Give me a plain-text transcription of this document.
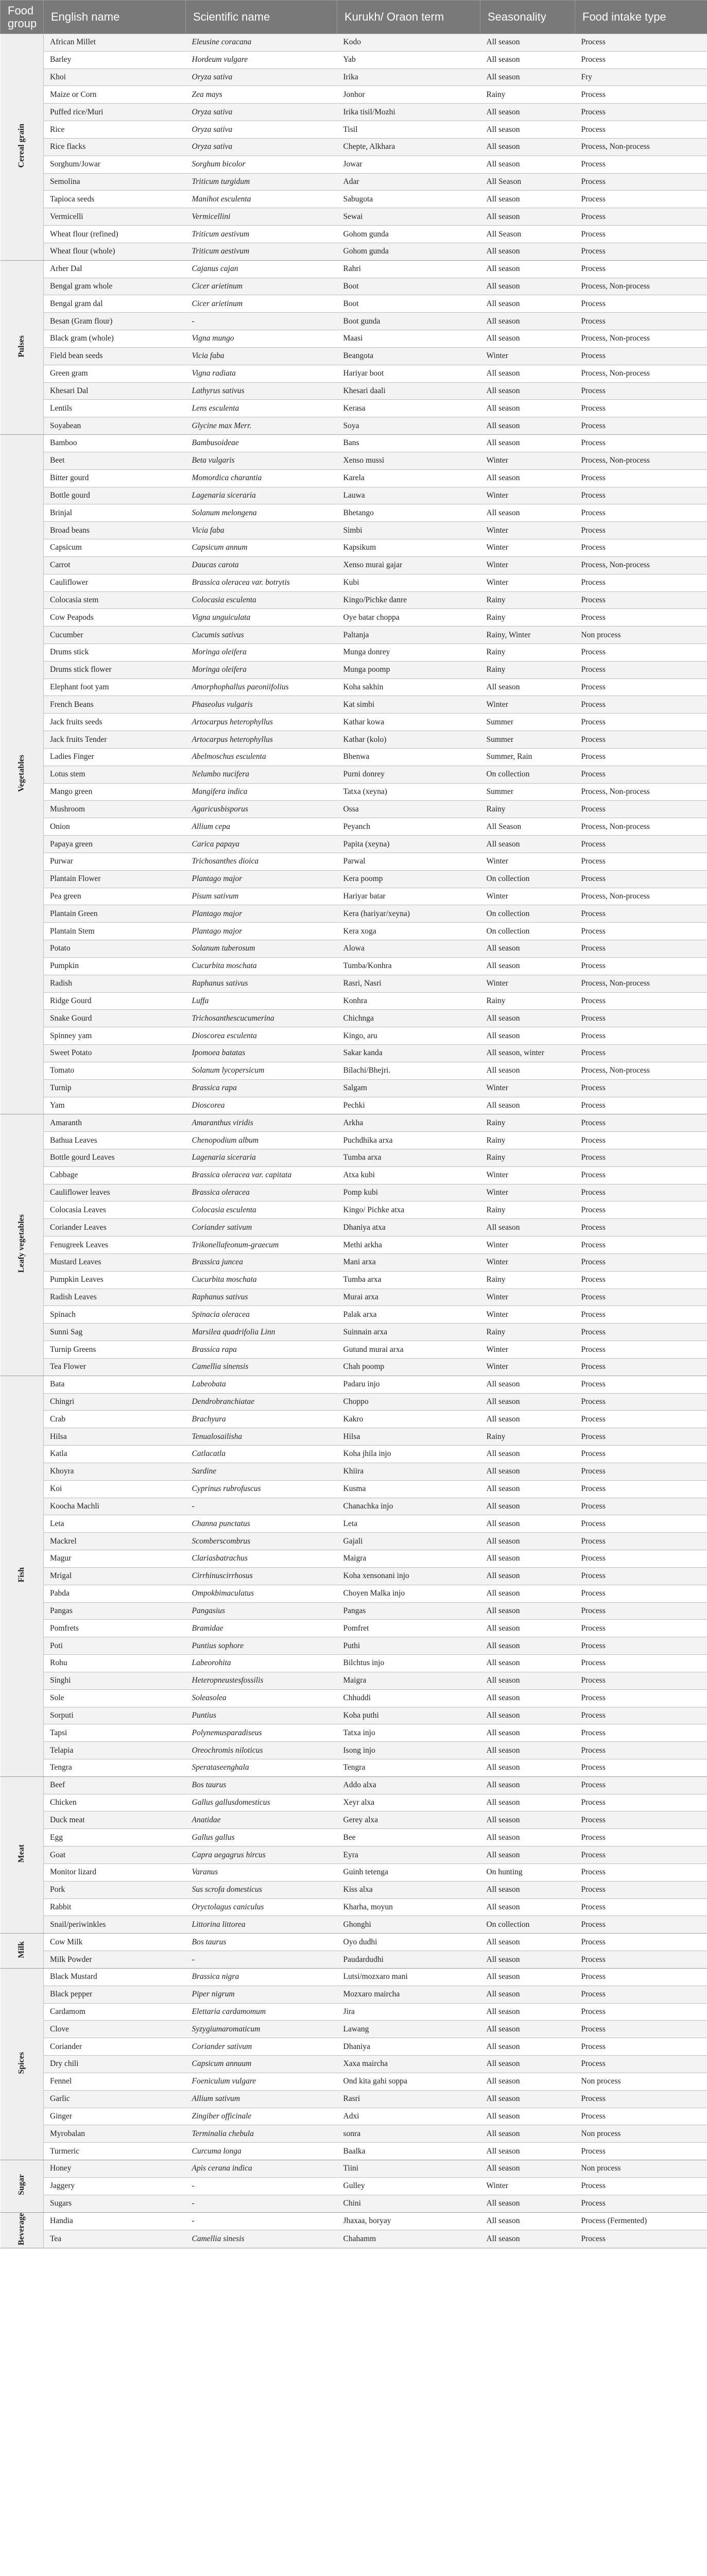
Food group	English name	Scientific name	Kurukh/ Oraon term	Seasonality	Food intake type
Cereal grain	African Millet	Eleusine coracana	Kodo	All season	Process
	Barley	Hordeum vulgare	Yab	All season	Process
	Khoi	Oryza sativa	Irika	All season	Fry
	Maize or Corn	Zea mays	Jonhor	Rainy	Process
	Puffed rice/Muri	Oryza sativa	Irika tisil/Mozhi	All season	Process
	Rice	Oryza sativa	Tisil	All season	Process
	Rice flacks	Oryza sativa	Chepte, Alkhara	All season	Process, Non-process
	Sorghum/Jowar	Sorghum bicolor	Jowar	All season	Process
	Semolina	Triticum turgidum	Adar	All Season	Process
	Tapioca seeds	Manihot esculenta	Sabugota	All season	Process
	Vermicelli	Vermicellini	Sewai	All season	Process
	Wheat flour (refined)	Triticum aestivum	Gohom gunda	All Season	Process
	Wheat flour (whole)	Triticum aestivum	Gohom gunda	All season	Process
Pulses	Arher Dal	Cajanus cajan	Rahri	All season	Process
	Bengal gram whole	Cicer arietinum	Boot	All season	Process, Non-process
	Bengal gram dal	Cicer arietinum	Boot	All season	Process
	Besan (Gram flour)	-	Boot gunda	All season	Process
	Black gram (whole)	Vigna mungo	Maasi	All season	Process, Non-process
	Field bean seeds	Vicia faba	Beangota	Winter	Process
	Green gram	Vigna radiata	Hariyar boot	All season	Process, Non-process
	Khesari Dal	Lathyrus sativus	Khesari daali	All season	Process
	Lentils	Lens esculenta	Kerasa	All season	Process
	Soyabean	Glycine max Merr.	Soya	All season	Process
Vegetables	Bamboo	Bambusoideae	Bans	All season	Process
	Beet	Beta vulgaris	Xenso mussi	Winter	Process, Non-process
	Bitter gourd	Momordica charantia	Karela	All season	Process
	Bottle gourd	Lagenaria siceraria	Lauwa	Winter	Process
	Brinjal	Solanum melongena	Bhetango	All season	Process
	Broad beans	Vicia faba	Simbi	Winter	Process
	Capsicum	Capsicum annum	Kapsikum	Winter	Process
	Carrot	Daucas carota	Xenso murai gajar	Winter	Process, Non-process
	Cauliflower	Brassica oleracea var. botrytis	Kubi	Winter	Process
	Colocasia stem	Colocasia esculenta	Kingo/Pichke danre	Rainy	Process
	Cow Peapods	Vigna unguiculata	Oye batar choppa	Rainy	Process
	Cucumber	Cucumis sativus	Paltanja	Rainy, Winter	Non process
	Drums stick	Moringa oleifera	Munga donrey	Rainy	Process
	Drums stick flower	Moringa oleifera	Munga poomp	Rainy	Process
	Elephant foot yam	Amorphophallus paeoniifolius	Koha sakhin	All season	Process
	French Beans	Phaseolus vulgaris	Kat simbi	Winter	Process
	Jack fruits seeds	Artocarpus heterophyllus	Kathar kowa	Summer	Process
	Jack fruits Tender	Artocarpus heterophyllus	Kathar (kolo)	Summer	Process
	Ladies Finger	Abelmoschus esculenta	Bhenwa	Summer, Rain	Process
	Lotus stem	Nelumbo nucifera	Purni donrey	On collection	Process
	Mango green	Mangifera indica	Tatxa (xeyna)	Summer	Process, Non-process
	Mushroom	Agaricusbisporus	Ossa	Rainy	Process
	Onion	Allium cepa	Peyanch	All Season	Process, Non-process
	Papaya green	Carica papaya	Papita (xeyna)	All season	Process
	Purwar	Trichosanthes dioica	Parwal	Winter	Process
	Plantain Flower	Plantago major	Kera poomp	On collection	Process
	Pea green	Pisum sativum	Hariyar batar	Winter	Process, Non-process
	Plantain Green	Plantago major	Kera (hariyar/xeyna)	On collection	Process
	Plantain Stem	Plantago major	Kera xoga	On collection	Process
	Potato	Solanum tuberosum	Alowa	All season	Process
	Pumpkin	Cucurbita moschata	Tumba/Konhra	All season	Process
	Radish	Raphanus sativus	Rasri, Nasri	Winter	Process, Non-process
	Ridge Gourd	Luffa	Konhra	Rainy	Process
	Snake Gourd	Trichosanthescucumerina	Chichnga	All season	Process
	Spinney yam	Dioscorea esculenta	Kingo, aru	All season	Process
	Sweet Potato	Ipomoea batatas	Sakar kanda	All season, winter	Process
	Tomato	Solanum lycopersicum	Bilachi/Bhejri.	All season	Process, Non-process
	Turnip	Brassica rapa	Salgam	Winter	Process
	Yam	Dioscorea	Pechki	All season	Process
Leafy vegetables	Amaranth	Amaranthus viridis	Arkha	Rainy	Process
	Bathua Leaves	Chenopodium album	Puchdhika arxa	Rainy	Process
	Bottle gourd Leaves	Lagenaria siceraria	Tumba arxa	Rainy	Process
	Cabbage	Brassica oleracea var. capitata	Atxa kubi	Winter	Process
	Cauliflower leaves	Brassica oleracea	Pomp kubi	Winter	Process
	Colocasia Leaves	Colocasia esculenta	Kingo/ Pichke atxa	Rainy	Process
	Coriander Leaves	Coriander sativum	Dhaniya atxa	All season	Process
	Fenugreek Leaves	Trikonellafeonum-graecum	Methi arkha	Winter	Process
	Mustard Leaves	Brassica juncea	Mani arxa	Winter	Process
	Pumpkin Leaves	Cucurbita moschata	Tumba arxa	Rainy	Process
	Radish Leaves	Raphanus sativus	Murai arxa	Winter	Process
	Spinach	Spinacia oleracea	Palak arxa	Winter	Process
	Sunni Sag	Marsilea quadrifolia Linn	Suinnain arxa	Rainy	Process
	Turnip Greens	Brassica rapa	Gutund murai arxa	Winter	Process
	Tea Flower	Camellia sinensis	Chah poomp	Winter	Process
Fish	Bata	Labeobata	Padaru injo	All season	Process
	Chingri	Dendrobranchiatae	Choppo	All season	Process
	Crab	Brachyura	Kakro	All season	Process
	Hilsa	Tenualosailisha	Hilsa	Rainy	Process
	Katla	Catlacatla	Koha jhila injo	All season	Process
	Khoyra	Sardine	Khiira	All season	Process
	Koi	Cyprinus rubrofuscus	Kusma	All season	Process
	Koocha Machli	-	Chanachka injo	All season	Process
	Leta	Channa punctatus	Leta	All season	Process
	Mackrel	Scomberscombrus	Gajali	All season	Process
	Magur	Clariasbatrachus	Maigra	All season	Process
	Mrigal	Cirrhinuscirrhosus	Koha xensonani injo	All season	Process
	Pabda	Ompokbimaculatus	Choyen Malka injo	All season	Process
	Pangas	Pangasius	Pangas	All season	Process
	Pomfrets	Bramidae	Pomfret	All season	Process
	Poti	Puntius sophore	Puthi	All season	Process
	Rohu	Labeorohita	Bilchtus injo	All season	Process
	Singhi	Heteropneustesfossilis	Maigra	All season	Process
	Sole	Soleasolea	Chhuddi	All season	Process
	Sorputi	Puntius	Koha puthi	All season	Process
	Tapsi	Polynemusparadiseus	Tatxa injo	All season	Process
	Telapia	Oreochromis niloticus	Isong injo	All season	Process
	Tengra	Sperataseenghala	Tengra	All season	Process
Meat	Beef	Bos taurus	Addo alxa	All season	Process
	Chicken	Gallus gallusdomesticus	Xeyr alxa	All season	Process
	Duck meat	Anatidae	Gerey alxa	All season	Process
	Egg	Gallus gallus	Bee	All season	Process
	Goat	Capra aegagrus hircus	Eyra	All season	Process
	Monitor lizard	Varanus	Guinh tetenga	On hunting	Process
	Pork	Sus scrofa domesticus	Kiss alxa	All season	Process
	Rabbit	Oryctolagus caniculus	Kharha, moyun	All season	Process
	Snail/periwinkles	Littorina littorea	Ghonghi	On collection	Process
Milk	Cow Milk	Bos taurus	Oyo dudhi	All season	Process
	Milk Powder	-	Paudardudhi	All season	Process
Spices	Black Mustard	Brassica nigra	Lutsi/mozxaro mani	All season	Process
	Black pepper	Piper nigrum	Mozxaro maircha	All season	Process
	Cardamom	Elettaria cardamomum	Jira	All season	Process
	Clove	Syzygiumaromaticum	Lawang	All season	Process
	Coriander	Coriander sativum	Dhaniya	All season	Process
	Dry chili	Capsicum annuum	Xaxa maircha	All season	Process
	Fennel	Foeniculum vulgare	Ond kita gahi soppa	All season	Non process
	Garlic	Allium sativum	Rasri	All season	Process
	Ginger	Zingiber officinale	Adxi	All season	Process
	Myrobalan	Terminalia chebula	sonra	All season	Non process
	Turmeric	Curcuma longa	Baalka	All season	Process
Sugar	Honey	Apis cerana indica	Tiini	All season	Non process
	Jaggery	-	Gulley	Winter	Process
	Sugars	-	Chini	All season	Process
Beverage	Handia	-	Jhaxaa, boryay	All season	Process (Fermented)
	Tea	Camellia sinesis	Chahamm	All season	Process
